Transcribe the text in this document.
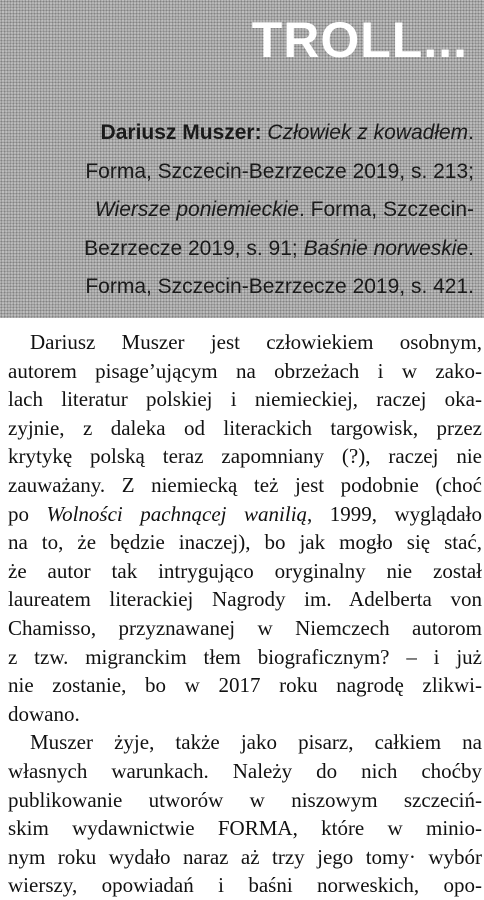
TROLL...
Dariusz Muszer: Człowiek z kowadłem.
Forma, Szczecin-Bezrzecze 2019, s. 213;
Wiersze poniemieckie. Forma, Szczecin-
Bezrzecze 2019, s. 91; Baśnie norweskie.
Forma, Szczecin-Bezrzecze 2019, s. 421.
Dariusz Muszer jest człowiekiem osobnym,
autorem pisage’ującym na obrzeżach i w zako-
lach literatur polskiej i niemieckiej, raczej oka-
zyjnie, z daleka od literackich targowisk, przez
krytykę polską teraz zapomniany (?), raczej nie
zauważany. Z niemiecką też jest podobnie (choć
po Wolności pachnącej wanilią, 1999, wyglądało
na to, że będzie inaczej), bo jak mogło się stać,
że autor tak intrygująco oryginalny nie został
laureatem literackiej Nagrody im. Adelberta von
Chamisso, przyznawanej w Niemczech autorom
z tzw. migranckim tłem biograficznym? – i już
nie zostanie, bo w 2017 roku nagrodę zlikwi-
dowano.
Muszer żyje, także jako pisarz, całkiem na
własnych warunkach. Należy do nich choćby
publikowanie utworów w niszowym szczeciń-
skim wydawnictwie FORMA, które w minio-
nym roku wydało naraz aż trzy jego tomy· wybór
wierszy, opowiadań i baśni norweskich, opo-
